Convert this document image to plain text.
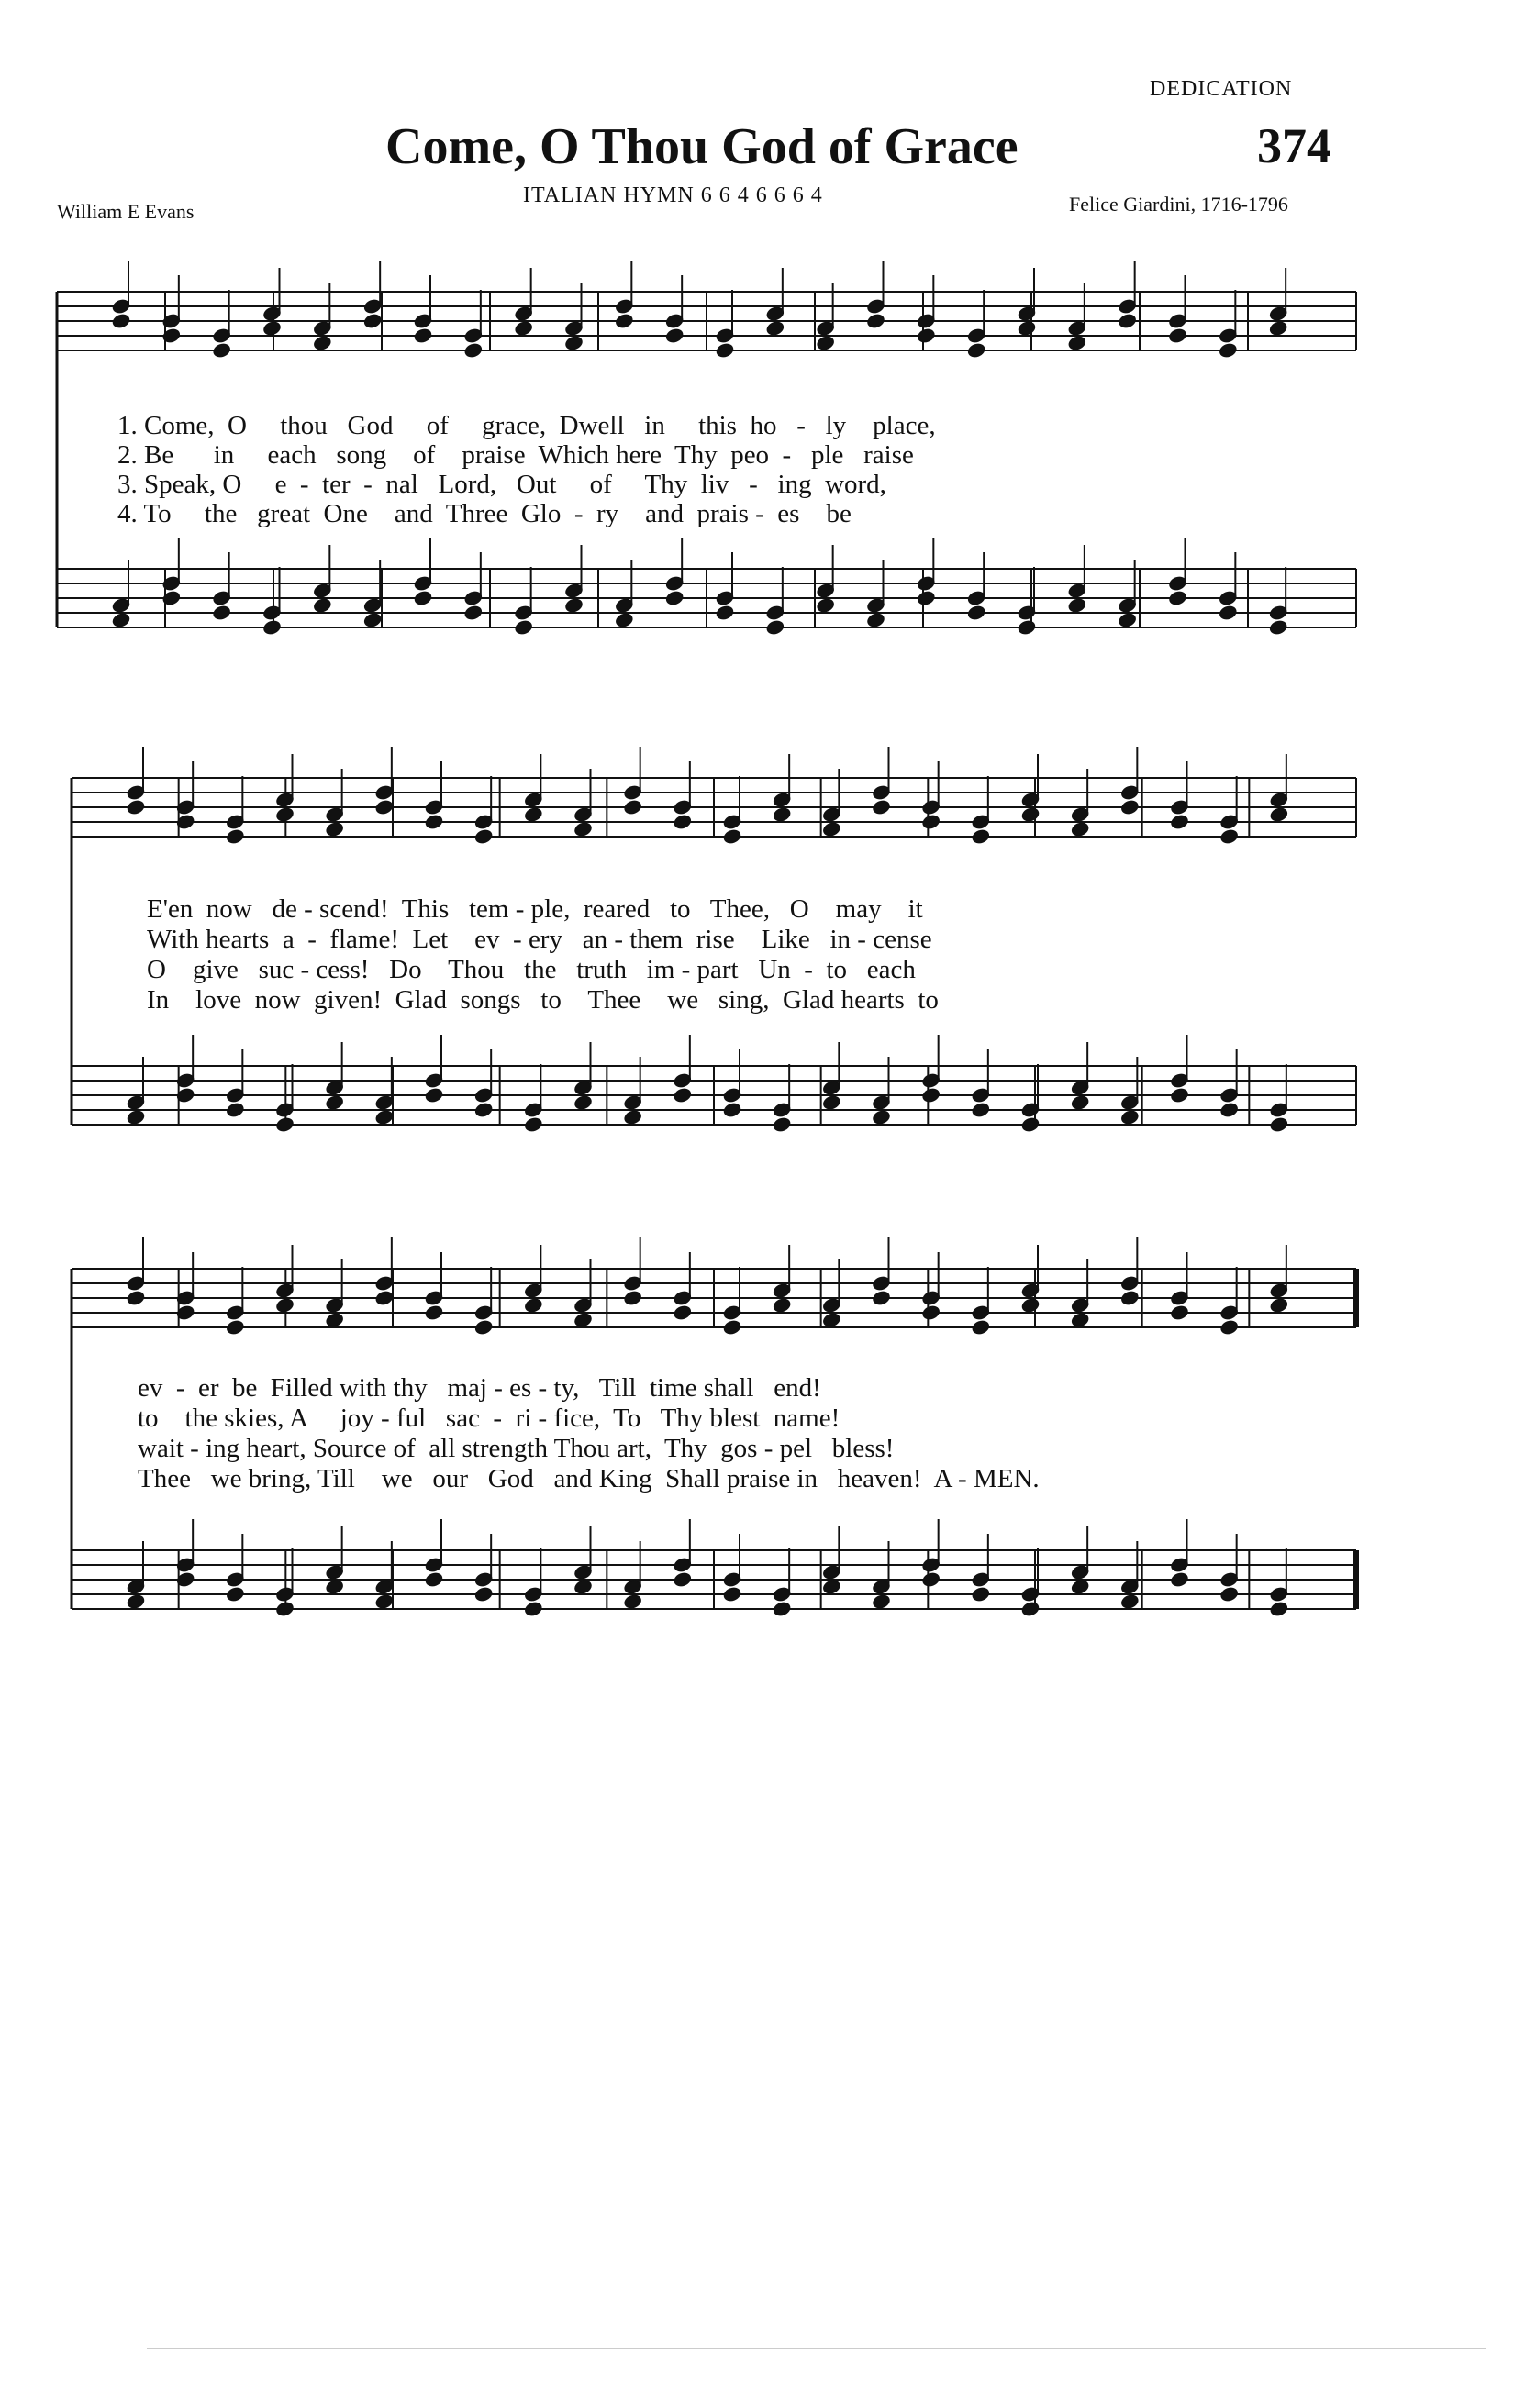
DEDICATION
374
Come, O Thou God of Grace
William E Evans
ITALIAN HYMN 6 6 4 6 6 6 4	Felice Giardini, 1716-1796
1. Come,  O     thou   God     of     grace,  Dwell   in     this  ho   -   ly    place,
2. Be      in     each   song    of    praise  Which here  Thy  peo  -   ple   raise
3. Speak, O     e  -  ter  -  nal   Lord,   Out     of     Thy  liv   -   ing  word,
4. To     the   great  One    and  Three  Glo  -  ry    and  prais -  es    be
E'en  now   de - scend!  This   tem - ple,  reared   to   Thee,   O    may    it
With hearts  a  -  flame!  Let    ev  - ery   an - them  rise    Like   in - cense
O    give   suc - cess!   Do    Thou   the   truth   im - part   Un  -  to   each
In    love  now  given!  Glad  songs   to    Thee    we   sing,  Glad hearts  to
ev  -  er  be  Filled with thy   maj - es - ty,   Till  time shall   end!
to    the skies, A     joy - ful   sac  -  ri - fice,  To   Thy blest  name!
wait - ing heart, Source of  all strength Thou art,  Thy  gos - pel   bless!
Thee   we bring, Till    we   our   God   and King  Shall praise in   heaven!  A - MEN.
